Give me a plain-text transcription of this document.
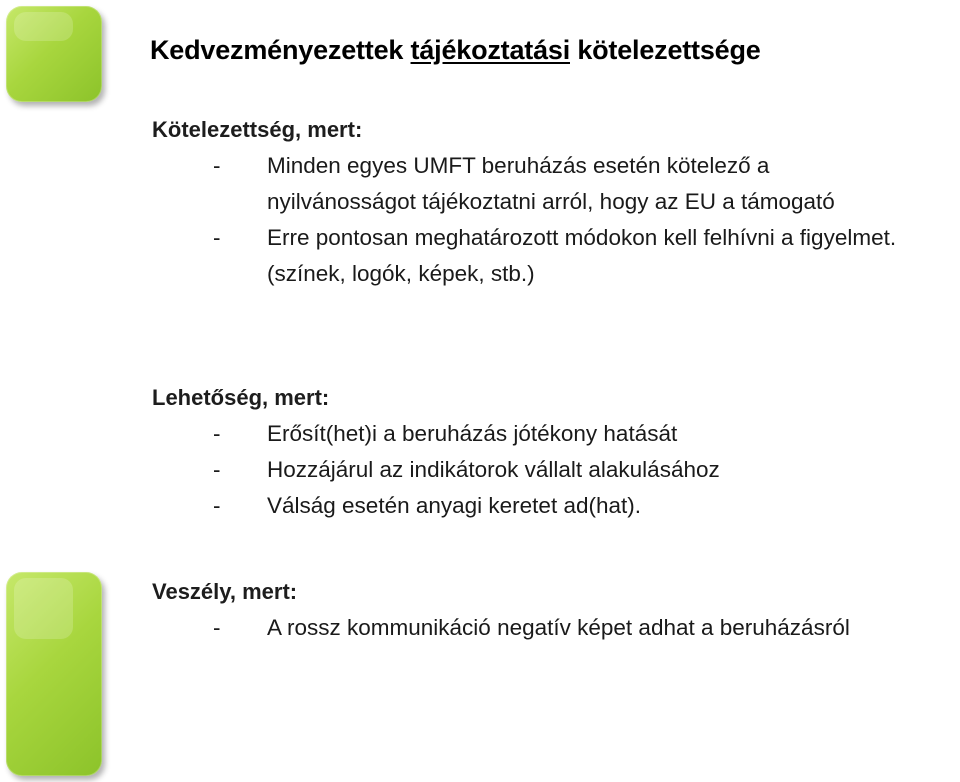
Kedvezményezettek tájékoztatási kötelezettsége

Kötelezettség, mert:

- Minden egyes UMFT beruházás esetén kötelező a nyilvánosságot tájékoztatni arról, hogy az EU a támogató
- Erre pontosan meghatározott módokon kell felhívni a figyelmet. (színek, logók, képek, stb.)

Lehetőség, mert:

- Erősít(het)i a beruházás jótékony hatását
- Hozzájárul az indikátorok vállalt alakulásához
- Válság esetén anyagi keretet ad(hat).

Veszély, mert:

- A rossz kommunikáció negatív képet adhat a beruházásról
